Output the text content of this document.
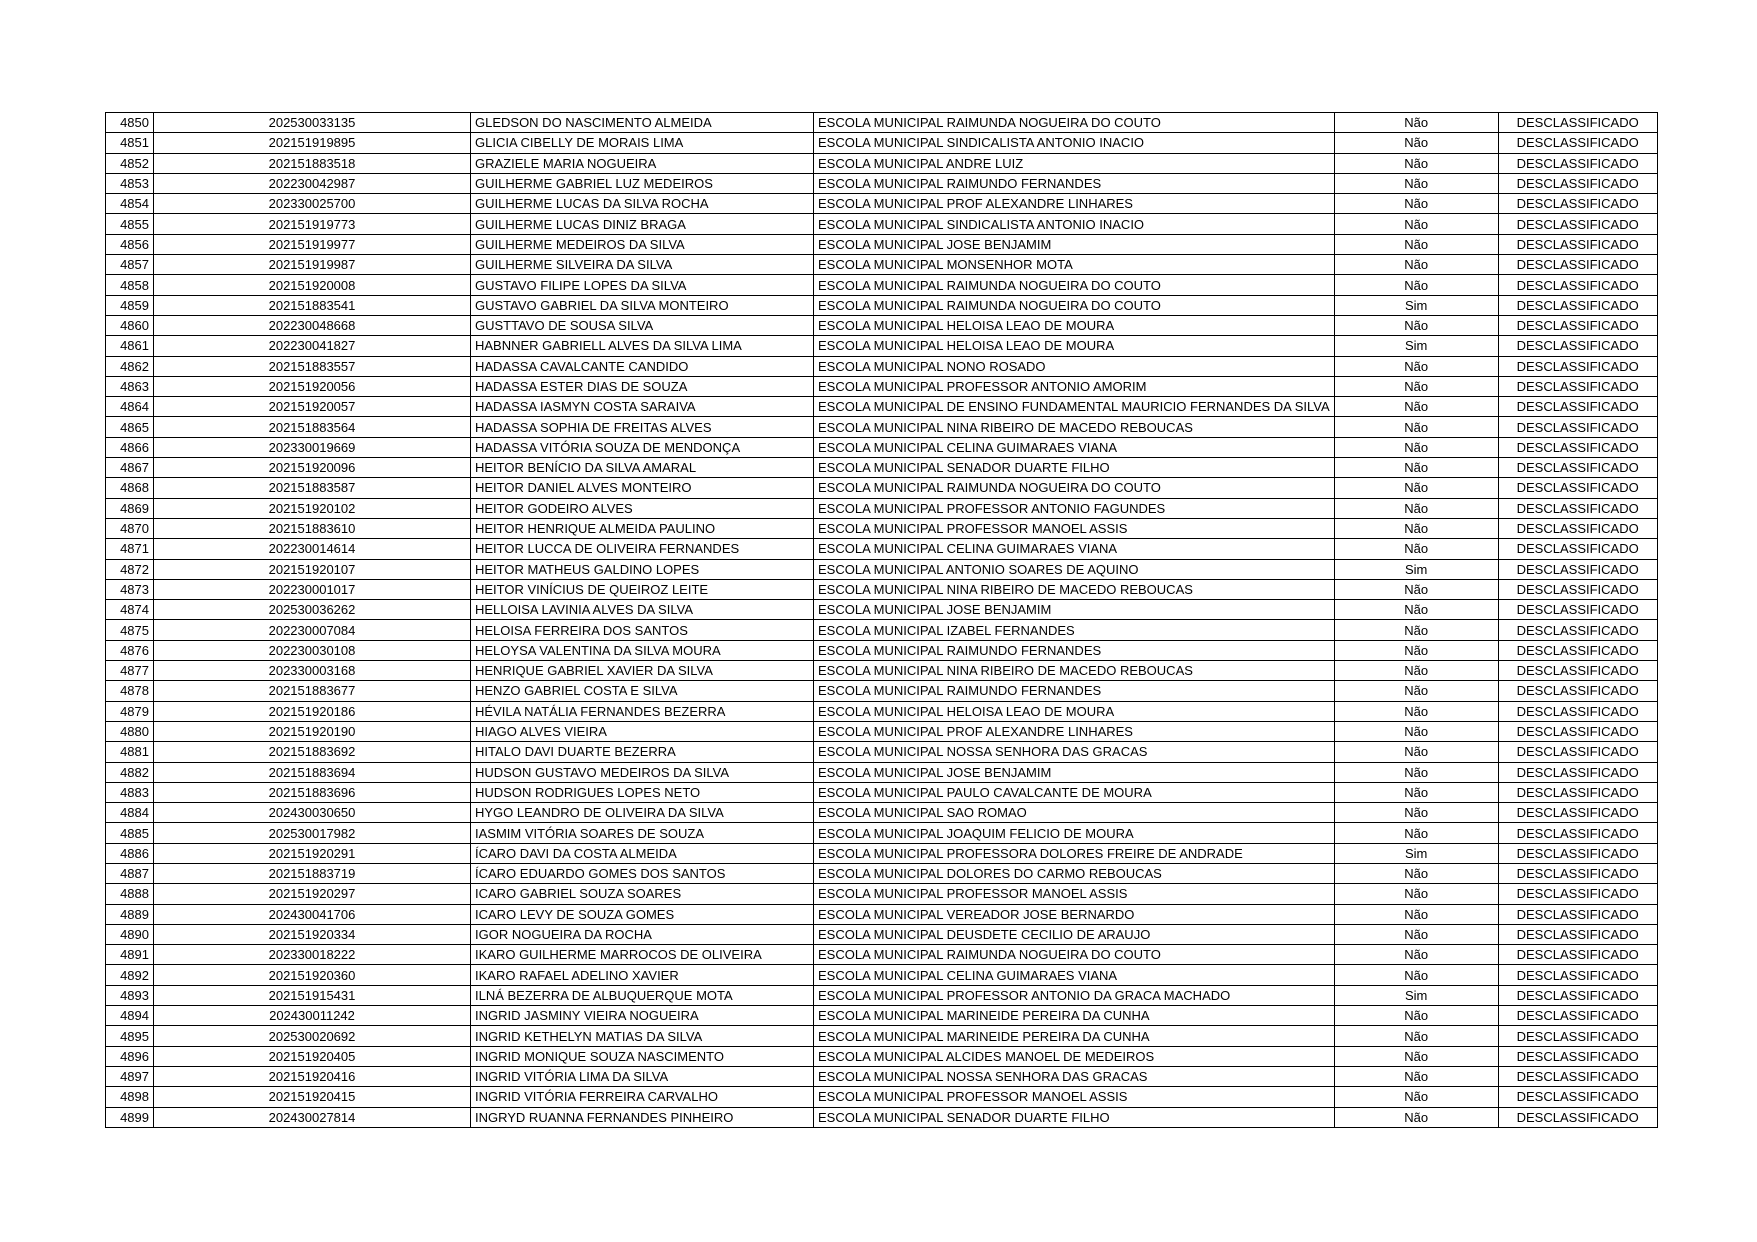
4850	202530033135	GLEDSON DO NASCIMENTO ALMEIDA	ESCOLA MUNICIPAL RAIMUNDA NOGUEIRA DO COUTO	Não	DESCLASSIFICADO
4851	202151919895	GLICIA CIBELLY DE MORAIS LIMA	ESCOLA MUNICIPAL SINDICALISTA ANTONIO INACIO	Não	DESCLASSIFICADO
4852	202151883518	GRAZIELE MARIA NOGUEIRA	ESCOLA MUNICIPAL ANDRE LUIZ	Não	DESCLASSIFICADO
4853	202230042987	GUILHERME GABRIEL LUZ MEDEIROS	ESCOLA MUNICIPAL RAIMUNDO FERNANDES	Não	DESCLASSIFICADO
4854	202330025700	GUILHERME LUCAS DA SILVA ROCHA	ESCOLA MUNICIPAL PROF ALEXANDRE LINHARES	Não	DESCLASSIFICADO
4855	202151919773	GUILHERME LUCAS DINIZ BRAGA	ESCOLA MUNICIPAL SINDICALISTA ANTONIO INACIO	Não	DESCLASSIFICADO
4856	202151919977	GUILHERME MEDEIROS DA SILVA	ESCOLA MUNICIPAL JOSE BENJAMIM	Não	DESCLASSIFICADO
4857	202151919987	GUILHERME SILVEIRA DA SILVA	ESCOLA MUNICIPAL MONSENHOR MOTA	Não	DESCLASSIFICADO
4858	202151920008	GUSTAVO FILIPE LOPES DA SILVA	ESCOLA MUNICIPAL RAIMUNDA NOGUEIRA DO COUTO	Não	DESCLASSIFICADO
4859	202151883541	GUSTAVO GABRIEL DA SILVA MONTEIRO	ESCOLA MUNICIPAL RAIMUNDA NOGUEIRA DO COUTO	Sim	DESCLASSIFICADO
4860	202230048668	GUSTTAVO DE SOUSA SILVA	ESCOLA MUNICIPAL HELOISA LEAO DE MOURA	Não	DESCLASSIFICADO
4861	202230041827	HABNNER GABRIELL ALVES DA SILVA LIMA	ESCOLA MUNICIPAL HELOISA LEAO DE MOURA	Sim	DESCLASSIFICADO
4862	202151883557	HADASSA CAVALCANTE CANDIDO	ESCOLA MUNICIPAL NONO ROSADO	Não	DESCLASSIFICADO
4863	202151920056	HADASSA ESTER DIAS DE SOUZA	ESCOLA MUNICIPAL PROFESSOR ANTONIO AMORIM	Não	DESCLASSIFICADO
4864	202151920057	HADASSA IASMYN COSTA SARAIVA	ESCOLA MUNICIPAL DE ENSINO FUNDAMENTAL MAURICIO FERNANDES DA SILVA	Não	DESCLASSIFICADO
4865	202151883564	HADASSA SOPHIA DE FREITAS ALVES	ESCOLA MUNICIPAL NINA RIBEIRO DE MACEDO REBOUCAS	Não	DESCLASSIFICADO
4866	202330019669	HADASSA VITÓRIA SOUZA DE MENDONÇA	ESCOLA MUNICIPAL CELINA GUIMARAES VIANA	Não	DESCLASSIFICADO
4867	202151920096	HEITOR BENÍCIO DA SILVA AMARAL	ESCOLA MUNICIPAL SENADOR DUARTE FILHO	Não	DESCLASSIFICADO
4868	202151883587	HEITOR DANIEL ALVES MONTEIRO	ESCOLA MUNICIPAL RAIMUNDA NOGUEIRA DO COUTO	Não	DESCLASSIFICADO
4869	202151920102	HEITOR GODEIRO ALVES	ESCOLA MUNICIPAL PROFESSOR ANTONIO FAGUNDES	Não	DESCLASSIFICADO
4870	202151883610	HEITOR HENRIQUE ALMEIDA PAULINO	ESCOLA MUNICIPAL PROFESSOR MANOEL ASSIS	Não	DESCLASSIFICADO
4871	202230014614	HEITOR LUCCA DE OLIVEIRA FERNANDES	ESCOLA MUNICIPAL CELINA GUIMARAES VIANA	Não	DESCLASSIFICADO
4872	202151920107	HEITOR MATHEUS GALDINO LOPES	ESCOLA MUNICIPAL ANTONIO SOARES DE AQUINO	Sim	DESCLASSIFICADO
4873	202230001017	HEITOR VINÍCIUS DE QUEIROZ LEITE	ESCOLA MUNICIPAL NINA RIBEIRO DE MACEDO REBOUCAS	Não	DESCLASSIFICADO
4874	202530036262	HELLOISA LAVINIA ALVES DA SILVA	ESCOLA MUNICIPAL JOSE BENJAMIM	Não	DESCLASSIFICADO
4875	202230007084	HELOISA FERREIRA DOS SANTOS	ESCOLA MUNICIPAL IZABEL FERNANDES	Não	DESCLASSIFICADO
4876	202230030108	HELOYSA VALENTINA DA SILVA MOURA	ESCOLA MUNICIPAL RAIMUNDO FERNANDES	Não	DESCLASSIFICADO
4877	202330003168	HENRIQUE GABRIEL XAVIER DA SILVA	ESCOLA MUNICIPAL NINA RIBEIRO DE MACEDO REBOUCAS	Não	DESCLASSIFICADO
4878	202151883677	HENZO GABRIEL COSTA E SILVA	ESCOLA MUNICIPAL RAIMUNDO FERNANDES	Não	DESCLASSIFICADO
4879	202151920186	HÉVILA NATÁLIA FERNANDES BEZERRA	ESCOLA MUNICIPAL HELOISA LEAO DE MOURA	Não	DESCLASSIFICADO
4880	202151920190	HIAGO ALVES VIEIRA	ESCOLA MUNICIPAL PROF ALEXANDRE LINHARES	Não	DESCLASSIFICADO
4881	202151883692	HITALO DAVI DUARTE BEZERRA	ESCOLA MUNICIPAL NOSSA SENHORA DAS GRACAS	Não	DESCLASSIFICADO
4882	202151883694	HUDSON GUSTAVO MEDEIROS DA SILVA	ESCOLA MUNICIPAL JOSE BENJAMIM	Não	DESCLASSIFICADO
4883	202151883696	HUDSON RODRIGUES LOPES NETO	ESCOLA MUNICIPAL PAULO CAVALCANTE DE MOURA	Não	DESCLASSIFICADO
4884	202430030650	HYGO LEANDRO DE OLIVEIRA DA SILVA	ESCOLA MUNICIPAL SAO ROMAO	Não	DESCLASSIFICADO
4885	202530017982	IASMIM VITÓRIA SOARES DE SOUZA	ESCOLA MUNICIPAL JOAQUIM FELICIO DE MOURA	Não	DESCLASSIFICADO
4886	202151920291	ÍCARO DAVI DA COSTA ALMEIDA	ESCOLA MUNICIPAL PROFESSORA DOLORES FREIRE DE ANDRADE	Sim	DESCLASSIFICADO
4887	202151883719	ÍCARO EDUARDO GOMES DOS SANTOS	ESCOLA MUNICIPAL DOLORES DO CARMO REBOUCAS	Não	DESCLASSIFICADO
4888	202151920297	ICARO GABRIEL SOUZA SOARES	ESCOLA MUNICIPAL PROFESSOR MANOEL ASSIS	Não	DESCLASSIFICADO
4889	202430041706	ICARO LEVY DE SOUZA GOMES	ESCOLA MUNICIPAL VEREADOR JOSE BERNARDO	Não	DESCLASSIFICADO
4890	202151920334	IGOR NOGUEIRA DA ROCHA	ESCOLA MUNICIPAL DEUSDETE CECILIO DE ARAUJO	Não	DESCLASSIFICADO
4891	202330018222	IKARO GUILHERME MARROCOS DE OLIVEIRA	ESCOLA MUNICIPAL RAIMUNDA NOGUEIRA DO COUTO	Não	DESCLASSIFICADO
4892	202151920360	IKARO RAFAEL ADELINO XAVIER	ESCOLA MUNICIPAL CELINA GUIMARAES VIANA	Não	DESCLASSIFICADO
4893	202151915431	ILNÁ BEZERRA DE ALBUQUERQUE MOTA	ESCOLA MUNICIPAL PROFESSOR ANTONIO DA GRACA MACHADO	Sim	DESCLASSIFICADO
4894	202430011242	INGRID JASMINY VIEIRA NOGUEIRA	ESCOLA MUNICIPAL MARINEIDE PEREIRA DA CUNHA	Não	DESCLASSIFICADO
4895	202530020692	INGRID KETHELYN MATIAS DA SILVA	ESCOLA MUNICIPAL MARINEIDE PEREIRA DA CUNHA	Não	DESCLASSIFICADO
4896	202151920405	INGRID MONIQUE SOUZA NASCIMENTO	ESCOLA MUNICIPAL ALCIDES MANOEL DE MEDEIROS	Não	DESCLASSIFICADO
4897	202151920416	INGRID VITÓRIA LIMA DA SILVA	ESCOLA MUNICIPAL NOSSA SENHORA DAS GRACAS	Não	DESCLASSIFICADO
4898	202151920415	INGRID VITÓRIA FERREIRA CARVALHO	ESCOLA MUNICIPAL PROFESSOR MANOEL ASSIS	Não	DESCLASSIFICADO
4899	202430027814	INGRYD RUANNA FERNANDES PINHEIRO	ESCOLA MUNICIPAL SENADOR DUARTE FILHO	Não	DESCLASSIFICADO
